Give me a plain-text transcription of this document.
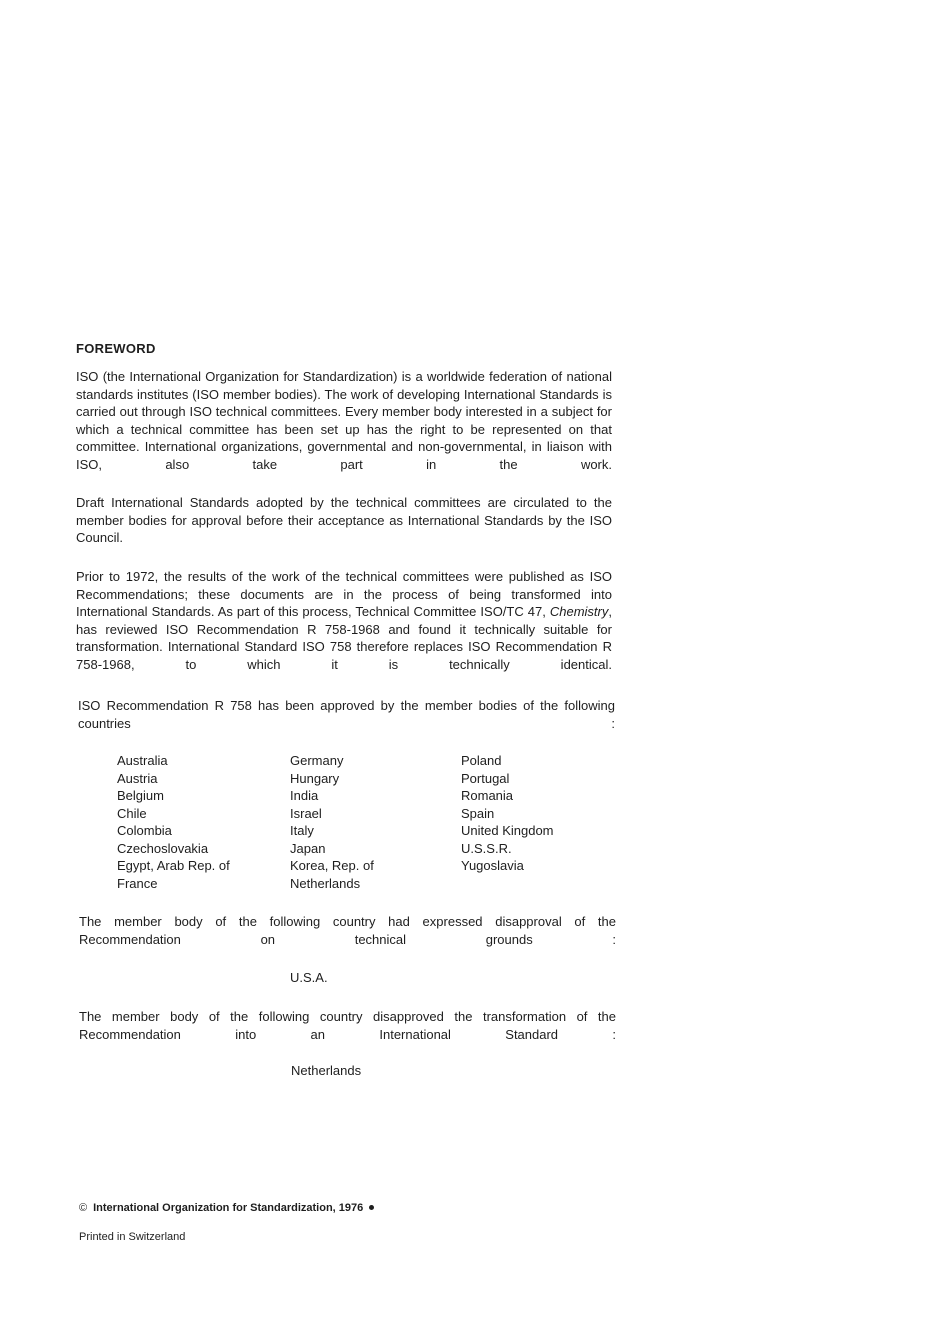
FOREWORD

ISO (the International Organization for Standardization) is a worldwide federation of national standards institutes (ISO member bodies). The work of developing International Standards is carried out through ISO technical committees. Every member body interested in a subject for which a technical committee has been set up has the right to be represented on that committee. International organizations, governmental and non-governmental, in liaison with ISO, also take part in the work.

Draft International Standards adopted by the technical committees are circulated to the member bodies for approval before their acceptance as International Standards by the ISO Council.

Prior to 1972, the results of the work of the technical committees were published as ISO Recommendations; these documents are in the process of being transformed into International Standards. As part of this process, Technical Committee ISO/TC 47, Chemistry, has reviewed ISO Recommendation R 758-1968 and found it technically suitable for transformation. International Standard ISO 758 therefore replaces ISO Recommendation R 758-1968, to which it is technically identical.

ISO Recommendation R 758 has been approved by the member bodies of the following countries :

Australia
Austria
Belgium
Chile
Colombia
Czechoslovakia
Egypt, Arab Rep. of
France
Germany
Hungary
India
Israel
Italy
Japan
Korea, Rep. of
Netherlands
Poland
Portugal
Romania
Spain
United Kingdom
U.S.S.R.
Yugoslavia

The member body of the following country had expressed disapproval of the Recommendation on technical grounds :

U.S.A.

The member body of the following country disapproved the transformation of the Recommendation into an International Standard :

Netherlands

© International Organization for Standardization, 1976

Printed in Switzerland
